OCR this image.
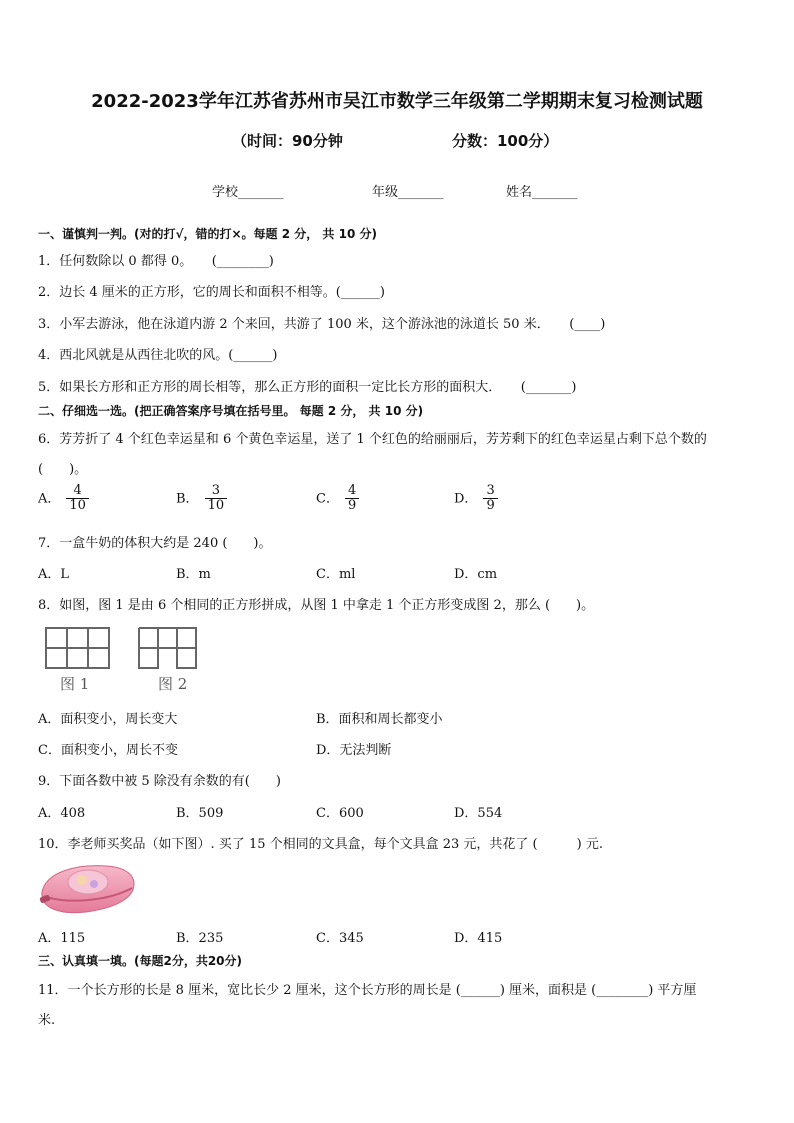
2022-2023学年江苏省苏州市吴江市数学三年级第二学期期末复习检测试题
（时间：90分钟	分数：100分）
学校_______	年级_______	姓名_______
一、谨慎判一判。(对的打√，错的打×。每题 2 分， 共 10 分)
1．任何数除以 0 都得 0。　　(________)
2．边长 4 厘米的正方形，它的周长和面积不相等。(______)
3．小军去游泳，他在泳道内游 2 个来回，共游了 100 米，这个游泳池的泳道长 50 米．　　(____)
4．西北风就是从西往北吹的风。(______)
5．如果长方形和正方形的周长相等，那么正方形的面积一定比长方形的面积大．　　(_______)
二、仔细选一选。(把正确答案序号填在括号里。 每题 2 分， 共 10 分)
6．芳芳折了 4 个红色幸运星和 6 个黄色幸运星，送了 1 个红色的给丽丽后，芳芳剩下的红色幸运星占剩下总个数的
(　　)。
A． $\frac{4}{10}$	B． $\frac{3}{10}$	C． $\frac{4}{9}$	D． $\frac{3}{9}$
7．一盒牛奶的体积大约是 240 (　　)。
A．L	B．m	C．ml	D．cm
8．如图，图 1 是由 6 个相同的正方形拼成，从图 1 中拿走 1 个正方形变成图 2，那么 (　　)。
图 1	图 2
A．面积变小，周长变大	B．面积和周长都变小
C．面积变小，周长不变	D．无法判断
9．下面各数中被 5 除没有余数的有(　　)
A．408	B．509	C．600	D．554
10．李老师买奖品（如下图）. 买了 15 个相同的文具盒，每个文具盒 23 元，共花了 (　　　) 元.
A．115	B．235	C．345	D．415
三、认真填一填。(每题2分，共20分)
11．一个长方形的长是 8 厘米，宽比长少 2 厘米，这个长方形的周长是 (______) 厘米，面积是 (________) 平方厘
米.
